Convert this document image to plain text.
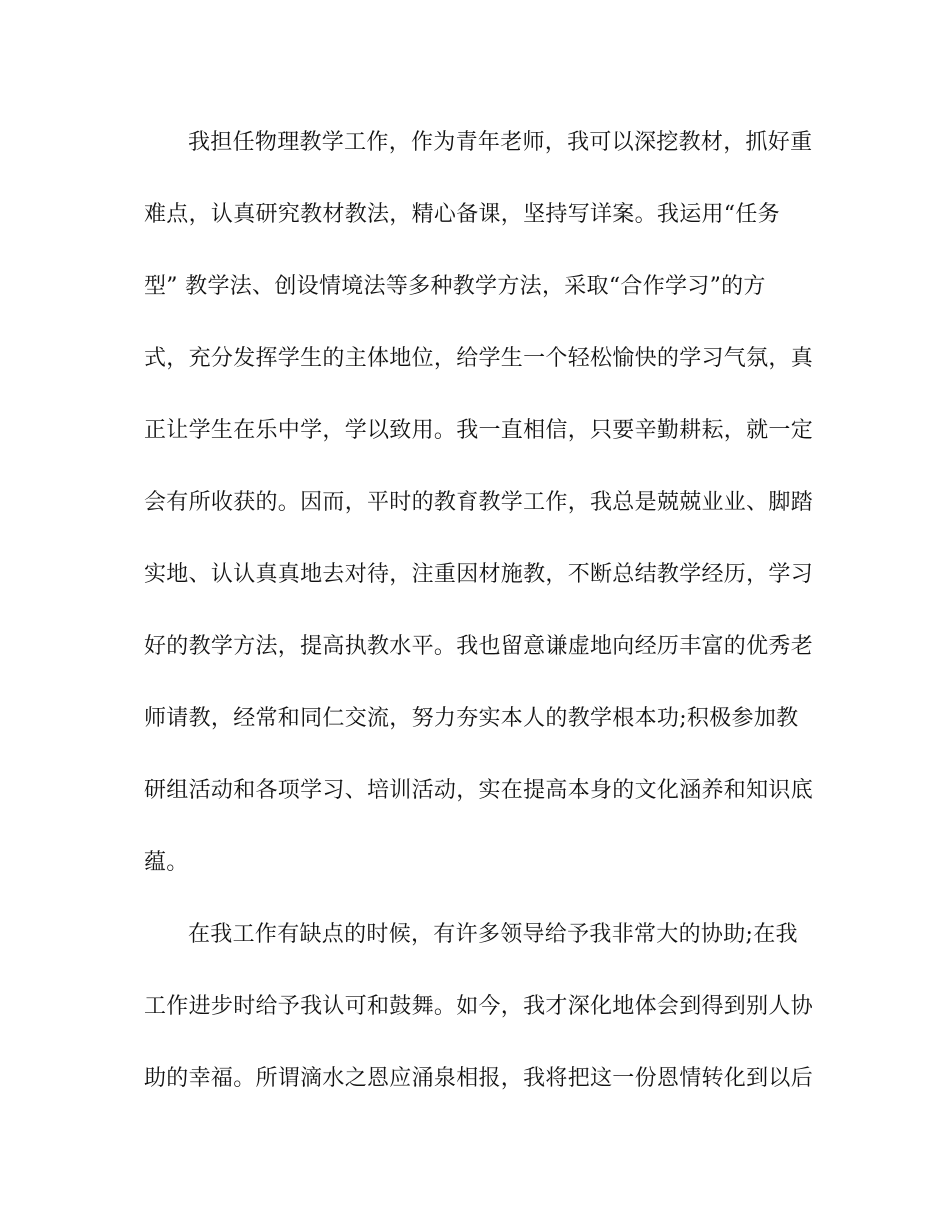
我担任物理教学工作，作为青年老师，我可以深挖教材，抓好重
难点，认真研究教材教法，精心备课，坚持写详案。我运用“任务
型” 教学法、创设情境法等多种教学方法，采取“合作学习”的方
式，充分发挥学生的主体地位，给学生一个轻松愉快的学习气氛，真
正让学生在乐中学，学以致用。我一直相信，只要辛勤耕耘，就一定
会有所收获的。因而，平时的教育教学工作，我总是兢兢业业、脚踏
实地、认认真真地去对待，注重因材施教，不断总结教学经历，学习
好的教学方法，提高执教水平。我也留意谦虚地向经历丰富的优秀老
师请教，经常和同仁交流，努力夯实本人的教学根本功;积极参加教
研组活动和各项学习、培训活动，实在提高本身的文化涵养和知识底
蕴。
在我工作有缺点的时候，有许多领导给予我非常大的协助;在我
工作进步时给予我认可和鼓舞。如今，我才深化地体会到得到别人协
助的幸福。所谓滴水之恩应涌泉相报，我将把这一份恩情转化到以后
